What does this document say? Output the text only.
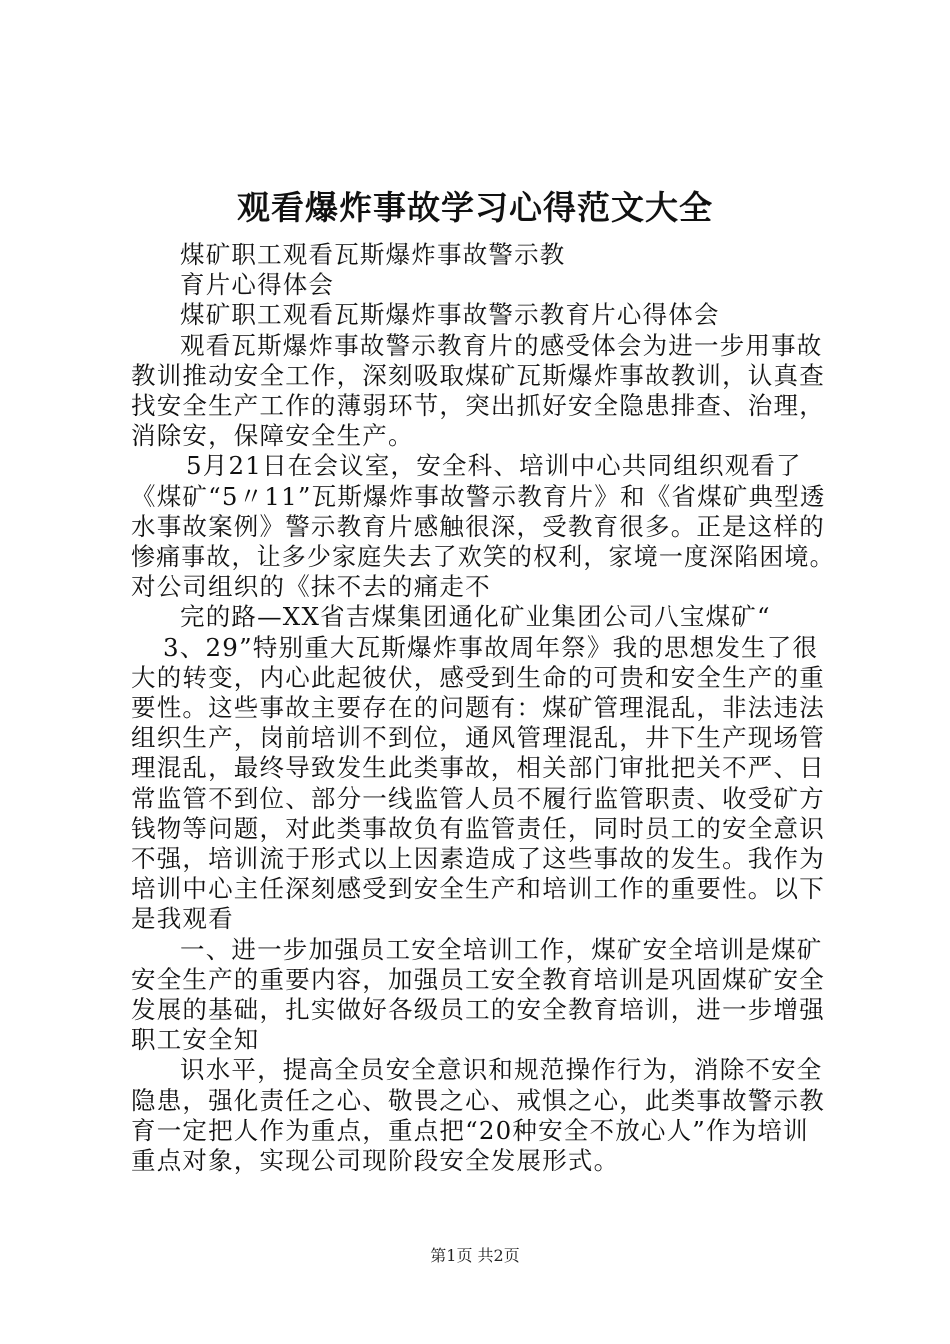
观看爆炸事故学习心得范文大全
煤矿职工观看瓦斯爆炸事故警示教
育片心得体会
煤矿职工观看瓦斯爆炸事故警示教育片心得体会
观看瓦斯爆炸事故警示教育片的感受体会为进一步用事故
教训推动安全工作，深刻吸取煤矿瓦斯爆炸事故教训，认真查
找安全生产工作的薄弱环节，突出抓好安全隐患排查、治理，
消除安，保障安全生产。
5月21日在会议室，安全科、培训中心共同组织观看了
《煤矿“5〃11”瓦斯爆炸事故警示教育片》和《省煤矿典型透
水事故案例》警示教育片感触很深，受教育很多。正是这样的
惨痛事故，让多少家庭失去了欢笑的权利，家境一度深陷困境。
对公司组织的《抹不去的痛走不
完的路—XX省吉煤集团通化矿业集团公司八宝煤矿“
3、29”特别重大瓦斯爆炸事故周年祭》我的思想发生了很
大的转变，内心此起彼伏，感受到生命的可贵和安全生产的重
要性。这些事故主要存在的问题有：煤矿管理混乱，非法违法
组织生产，岗前培训不到位，通风管理混乱，井下生产现场管
理混乱，最终导致发生此类事故，相关部门审批把关不严、日
常监管不到位、部分一线监管人员不履行监管职责、收受矿方
钱物等问题，对此类事故负有监管责任，同时员工的安全意识
不强，培训流于形式以上因素造成了这些事故的发生。我作为
培训中心主任深刻感受到安全生产和培训工作的重要性。以下
是我观看
一、进一步加强员工安全培训工作，煤矿安全培训是煤矿
安全生产的重要内容，加强员工安全教育培训是巩固煤矿安全
发展的基础，扎实做好各级员工的安全教育培训，进一步增强
职工安全知
识水平，提高全员安全意识和规范操作行为，消除不安全
隐患，强化责任之心、敬畏之心、戒惧之心，此类事故警示教
育一定把人作为重点，重点把“20种安全不放心人”作为培训
重点对象，实现公司现阶段安全发展形式。
第1页 共2页
